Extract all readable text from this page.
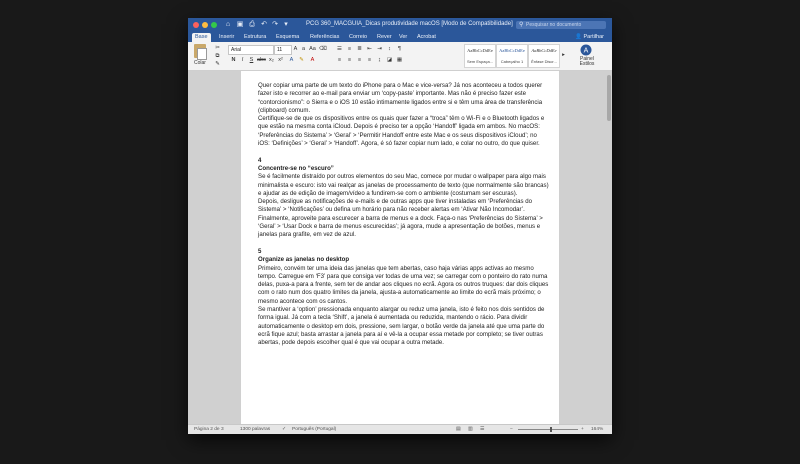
⌂ ▣ ⎙ ↶ ↷ ▾	PCG 360_MACGUIA_Dicas produtividade macOS [Modo de Compatibilidade] ⚲
Pesquisar no documento
Base	Inserir	Estrutura	Esquema	Referências	Correio	Rever	Ver	Acrobat	👤 Partilhar
Colar
✂
⧉
✎
Arial	11	A a Aa ⌫
N	I	S abc x₂ x²	A	✎	A
☰	≡	≣ ⇤ ⇥	↕	¶
≡	≡	≡	≡	↨	◪ ▦
AaBbCcDdEe
Sem Espaça...
AaBbCcDdEe
Cabeçalho 1
AaBbCcDdEe
Ênfase Discr...
▸
A
Painel Estilos

Quer copiar uma parte de um texto do iPhone para o Mac e vice-versa? Já nos aconteceu a todos querer fazer isto e recorrer ao e-mail para enviar um ‘copy-paste’ importante. Mas não é preciso fazer este “contorcionismo”: o Sierra e o iOS 10 estão intimamente ligados entre si e têm uma área de transferência (clipboard) comum.

Certifique-se de que os dispositivos entre os quais quer fazer a “troca” têm o Wi-Fi e o Bluetooth ligados e que estão na mesma conta iCloud. Depois é preciso ter a opção ‘Handoff’ ligada em ambos. No macOS: ‘Preferências do Sistema’ > ‘Geral’ > ‘Permitir Handoff entre este Mac e os seus dispositivos iCloud’; no iOS: ‘Definições’ > ‘Geral’ > ‘Handoff’. Agora, é só fazer copiar num lado, e colar no outro, do que quiser.

4

Concentre-se no “escuro”

Se é facilmente distraído por outros elementos do seu Mac, comece por mudar o wallpaper para algo mais minimalista e escuro: isto vai realçar as janelas de processamento de texto (que normalmente são brancas) e ajudar as de edição de imagem/vídeo a fundirem-se com o ambiente (costumam ser escuras).

Depois, desligue as notificações de e-mails e de outras apps que tiver instaladas em ‘Preferências do Sistema’ > ‘Notificações’ ou defina um horário para não receber alertas em ‘Ativar Não Incomodar’. Finalmente, aproveite para escurecer a barra de menus e a dock. Faça-o nas ‘Preferências do Sistema’ > ‘Geral’ > ‘Usar Dock e barra de menus escurecidas’; já agora, mude a apresentação de botões, menus e janelas para grafite, em vez de azul.

5

Organize as janelas no desktop

Primeiro, convém ter uma ideia das janelas que tem abertas, caso haja várias apps activas ao mesmo tempo. Carregue em ‘F3’ para que consiga ver todas de uma vez; se carregar com o ponteiro do rato numa delas, puxa-a para a frente, sem ter de andar aos cliques no ecrã. Agora os outros truques: dar dois cliques com o rato num dos quatro limites da janela, ajusta-a automaticamente ao limite do ecrã mais próximo; o mesmo acontece com os cantos.

Se mantiver a ‘option’ pressionada enquanto alargar ou reduz uma janela, isto é feito nos dois sentidos de forma igual. Já com a tecla ‘Shift’, a janela é aumentada ou reduzida, mantendo o rácio. Para dividir automaticamente o desktop em dois, pressione, sem largar, o botão verde da janela até que uma parte do ecrã fique azul; basta arrastar a janela para aí e vê-la a ocupar essa metade por completo; se tiver outras abertas, pode depois escolher qual é que vai ocupar a outra metade.

Página 2 de 3	1300 palavras ✓ Português (Portugal)	▤ ▥ ☰	−	+ 164%
